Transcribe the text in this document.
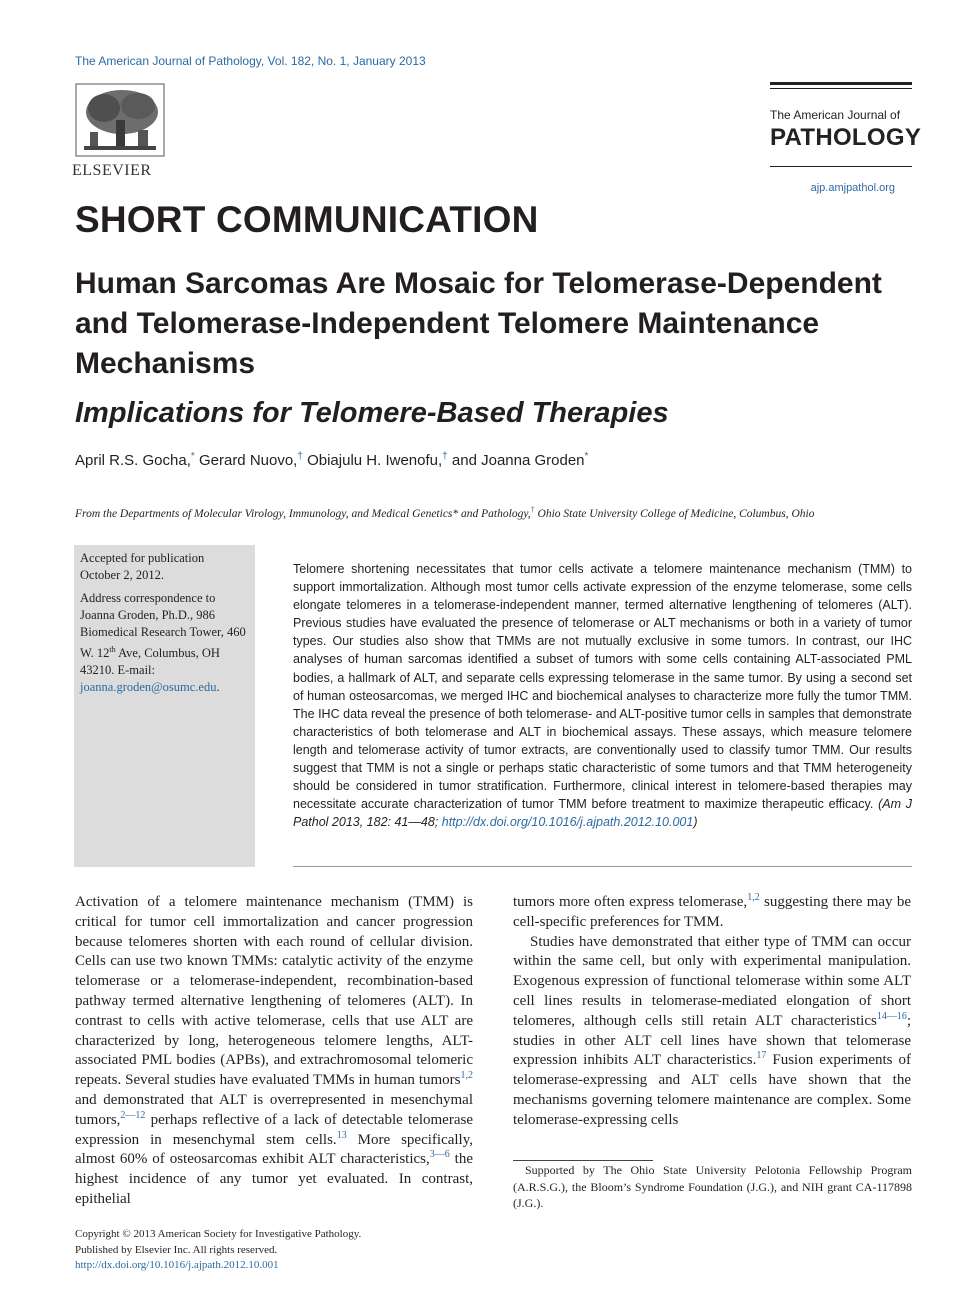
The American Journal of Pathology, Vol. 182, No. 1, January 2013
ELSEVIER
The American Journal of
PATHOLOGY
ajp.amjpathol.org
SHORT COMMUNICATION
Human Sarcomas Are Mosaic for Telomerase-Dependent and Telomerase-Independent Telomere Maintenance Mechanisms
Implications for Telomere-Based Therapies
April R.S. Gocha,* Gerard Nuovo,† Obiajulu H. Iwenofu,† and Joanna Groden*
From the Departments of Molecular Virology, Immunology, and Medical Genetics* and Pathology,† Ohio State University College of Medicine, Columbus, Ohio

Accepted for publication
October 2, 2012.

Address correspondence to Joanna Groden, Ph.D., 986 Biomedical Research Tower, 460 W. 12th Ave, Columbus, OH 43210. E-mail: joanna.groden@osumc.edu.

Telomere shortening necessitates that tumor cells activate a telomere maintenance mechanism (TMM) to support immortalization. Although most tumor cells activate expression of the enzyme telomerase, some cells elongate telomeres in a telomerase-independent manner, termed alternative lengthening of telomeres (ALT). Previous studies have evaluated the presence of telomerase or ALT mechanisms or both in a variety of tumor types. Our studies also show that TMMs are not mutually exclusive in some tumors. In contrast, our IHC analyses of human sarcomas identified a subset of tumors with some cells containing ALT-associated PML bodies, a hallmark of ALT, and separate cells expressing telomerase in the same tumor. By using a second set of human osteosarcomas, we merged IHC and biochemical analyses to characterize more fully the tumor TMM. The IHC data reveal the presence of both telomerase- and ALT-positive tumor cells in samples that demonstrate characteristics of both telomerase and ALT in biochemical assays. These assays, which measure telomere length and telomerase activity of tumor extracts, are conventionally used to classify tumor TMM. Our results suggest that TMM is not a single or perhaps static characteristic of some tumors and that TMM heterogeneity should be considered in tumor stratification. Furthermore, clinical interest in telomere-based therapies may necessitate accurate characterization of tumor TMM before treatment to maximize therapeutic efficacy. (Am J Pathol 2013, 182: 41—48; http://dx.doi.org/10.1016/j.ajpath.2012.10.001)

Activation of a telomere maintenance mechanism (TMM) is critical for tumor cell immortalization and cancer progression because telomeres shorten with each round of cellular division. Cells can use two known TMMs: catalytic activity of the enzyme telomerase or a telomerase-independent, recombination-based pathway termed alternative lengthening of telomeres (ALT). In contrast to cells with active telomerase, cells that use ALT are characterized by long, heterogeneous telomere lengths, ALT-associated PML bodies (APBs), and extrachromosomal telomeric repeats. Several studies have evaluated TMMs in human tumors$^{1,2}$ and demonstrated that ALT is overrepresented in mesenchymal tumors,$^{2—12}$ perhaps reflective of a lack of detectable telomerase expression in mesenchymal stem cells.$^{13}$ More specifically, almost 60% of osteosarcomas exhibit ALT characteristics,$^{3—6}$ the highest incidence of any tumor yet evaluated. In contrast, epithelial

tumors more often express telomerase,$^{1,2}$ suggesting there may be cell-specific preferences for TMM.

Studies have demonstrated that either type of TMM can occur within the same cell, but only with experimental manipulation. Exogenous expression of functional telomerase within some ALT cell lines results in telomerase-mediated elongation of short telomeres, although cells still retain ALT characteristics$^{14—16}$; studies in other ALT cell lines have shown that telomerase expression inhibits ALT characteristics.$^{17}$ Fusion experiments of telomerase-expressing and ALT cells have shown that the mechanisms governing telomere maintenance are complex. Some telomerase-expressing cells

Supported by The Ohio State University Pelotonia Fellowship Program (A.R.S.G.), the Bloom’s Syndrome Foundation (J.G.), and NIH grant CA-117898 (J.G.).
Copyright © 2013 American Society for Investigative Pathology.
Published by Elsevier Inc. All rights reserved.
http://dx.doi.org/10.1016/j.ajpath.2012.10.001
